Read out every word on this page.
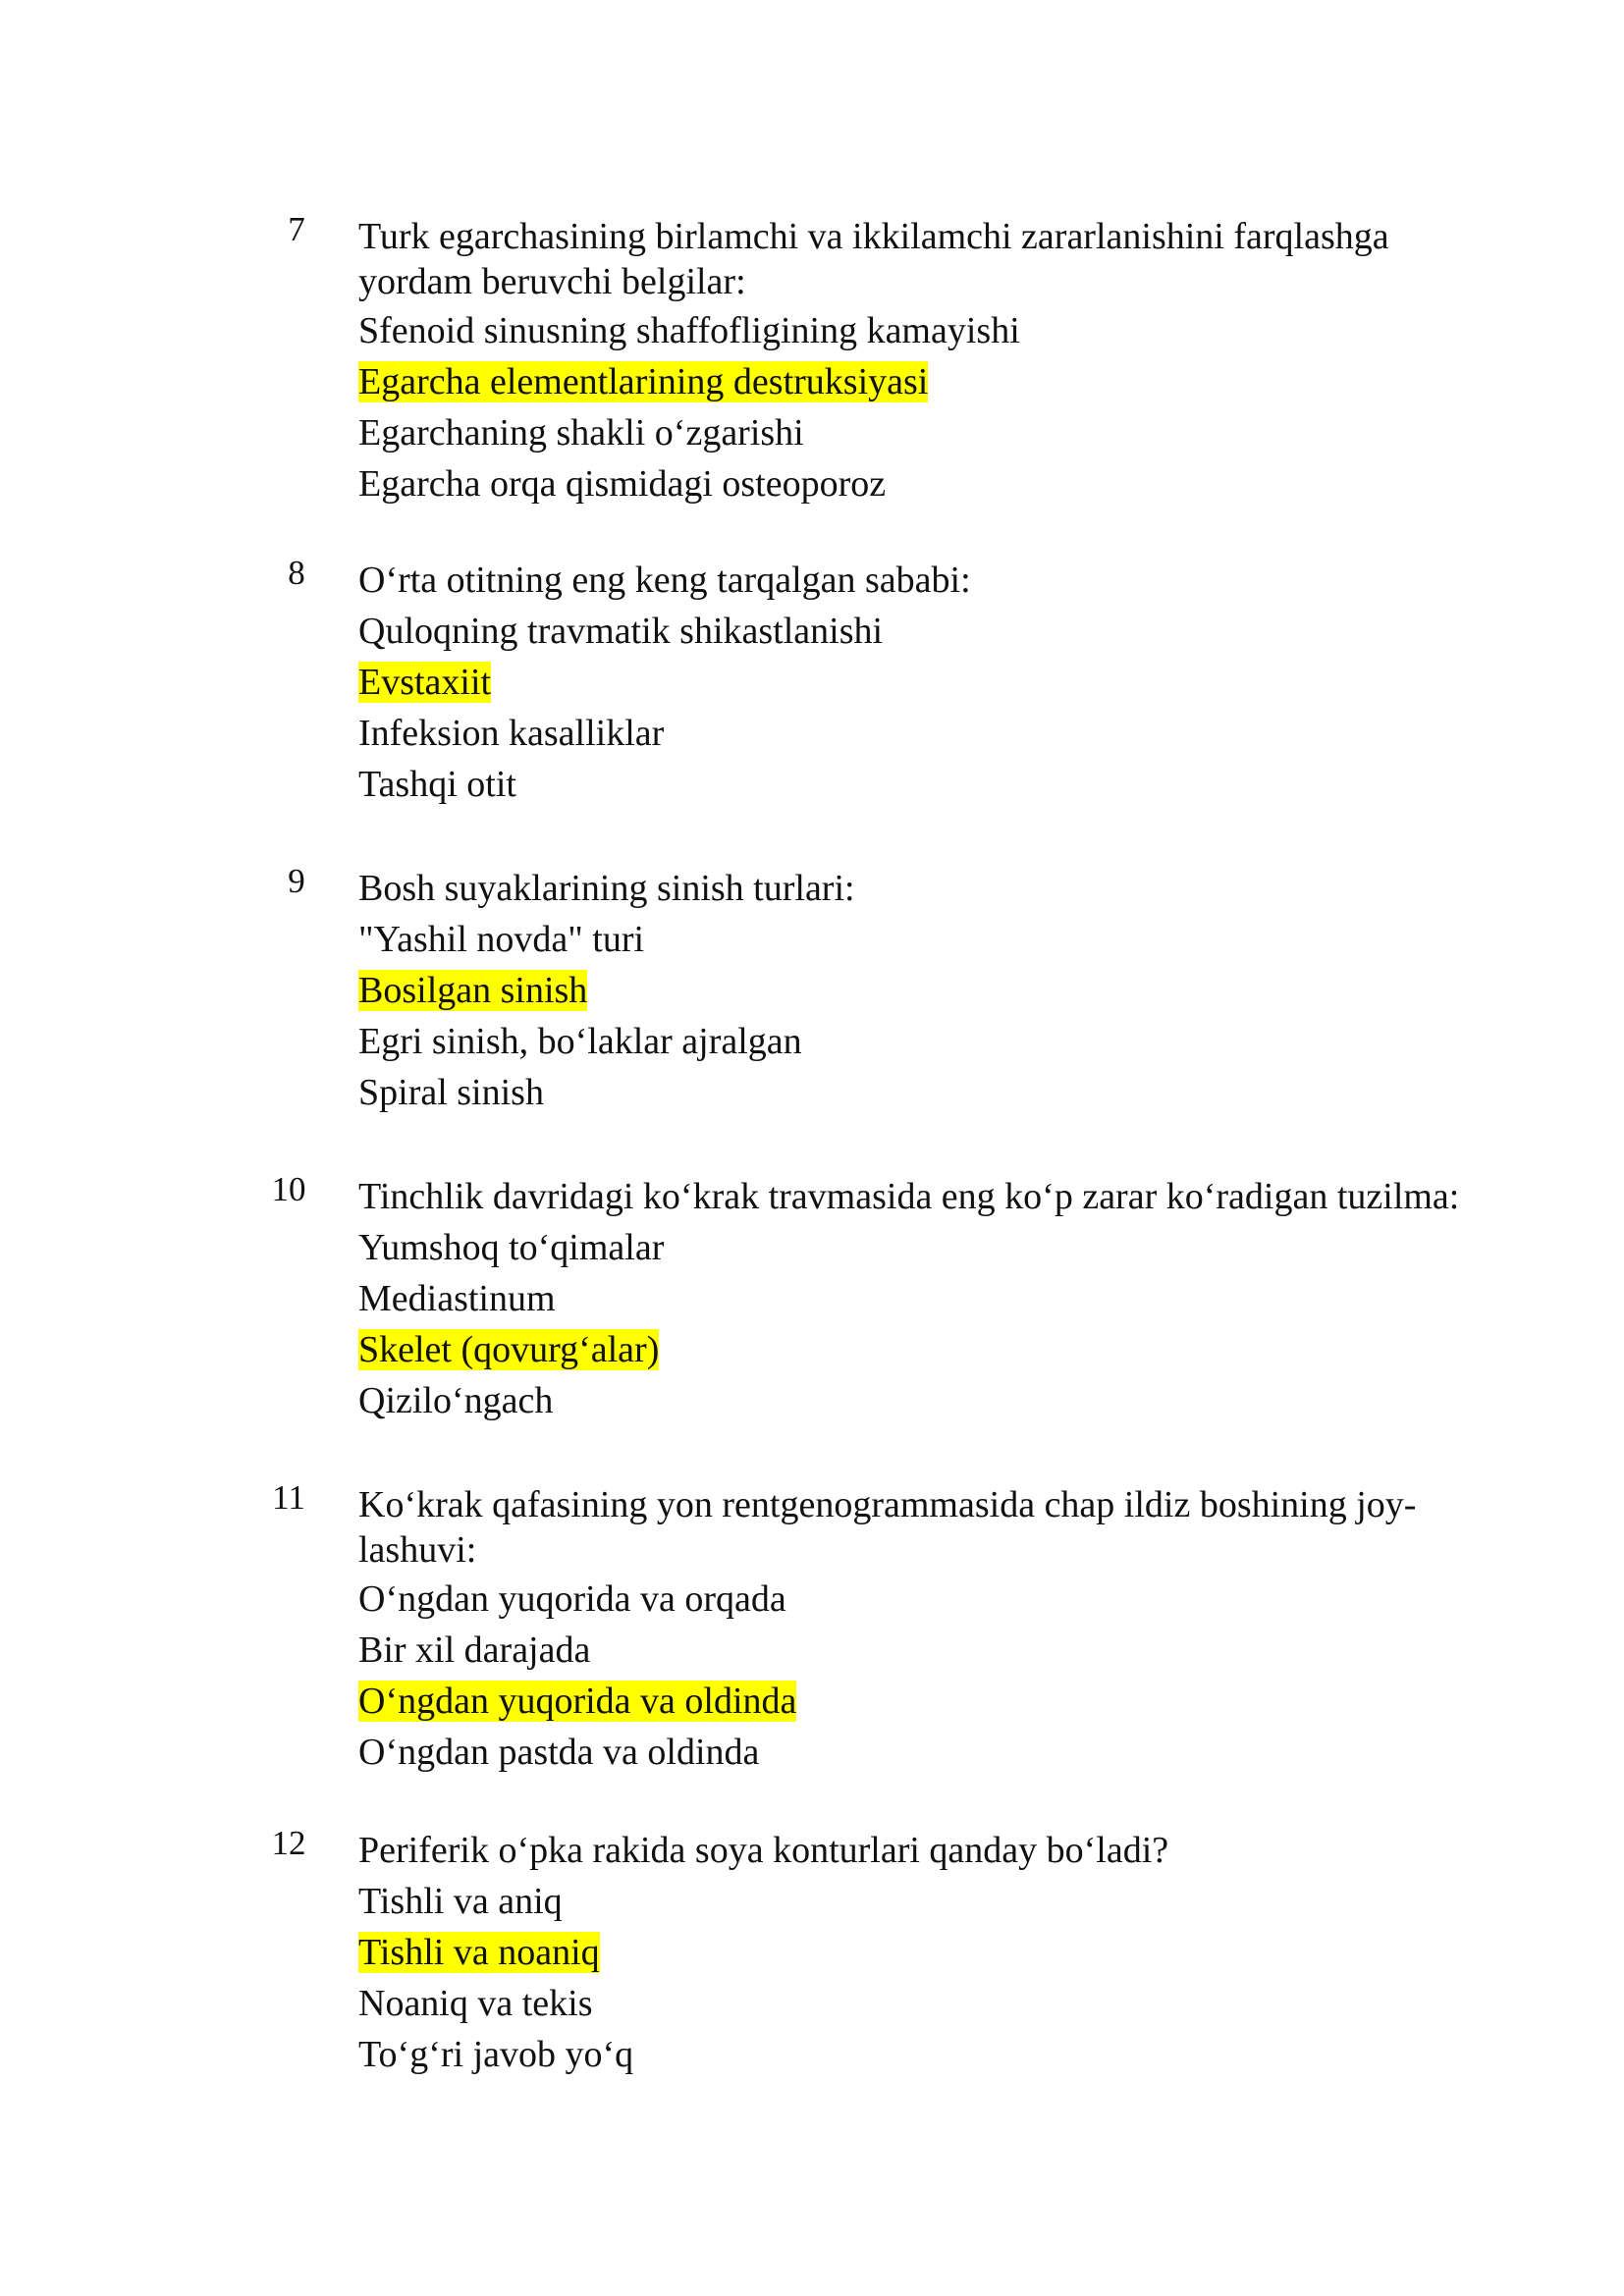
7	Turk egarchasining birlamchi va ikkilamchi zararlanishini farqlashga
yordam beruvchi belgilar:
Sfenoid sinusning shaffofligining kamayishi
Egarcha elementlarining destruksiyasi
Egarchaning shakli oʻzgarishi
Egarcha orqa qismidagi osteoporoz
8	Oʻrta otitning eng keng tarqalgan sababi:
Quloqning travmatik shikastlanishi
Evstaxiit
Infeksion kasalliklar
Tashqi otit
9	Bosh suyaklarining sinish turlari:
"Yashil novda" turi
Bosilgan sinish
Egri sinish, boʻlaklar ajralgan
Spiral sinish
10	Tinchlik davridagi koʻkrak travmasida eng koʻp zarar koʻradigan tuzilma:
Yumshoq toʻqimalar
Mediastinum
Skelet (qovurgʻalar)
Qiziloʻngach
11	Koʻkrak qafasining yon rentgenogrammasida chap ildiz boshining joy-
lashuvi:
Oʻngdan yuqorida va orqada
Bir xil darajada
Oʻngdan yuqorida va oldinda
Oʻngdan pastda va oldinda
12	Periferik oʻpka rakida soya konturlari qanday boʻladi?
Tishli va aniq
Tishli va noaniq
Noaniq va tekis
Toʻgʻri javob yoʻq
